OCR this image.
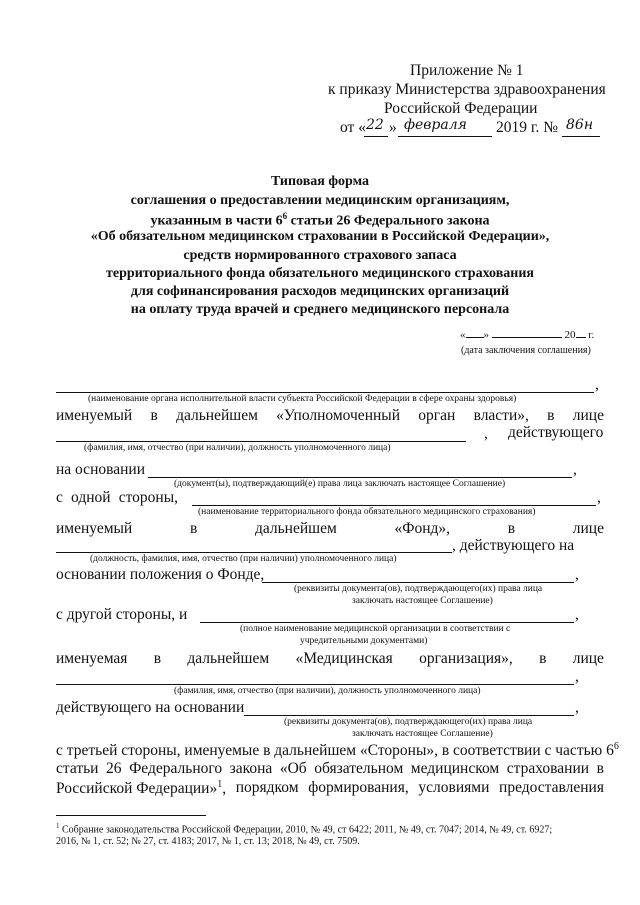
Приложение № 1
к приказу Министерства здравоохранения
Российской Федерации
от « 22 » февраля 2019 г. № 86н
Типовая форма
соглашения о предоставлении медицинским организациям,
указанным в части $6^6$ статьи 26 Федерального закона
«Об обязательном медицинском страховании в Российской Федерации»,
средств нормированного страхового запаса
территориального фонда обязательного медицинского страхования
для софинансирования расходов медицинских организаций
на оплату труда врачей и среднего медицинского персонала
« »	20 г.
(дата заключения соглашения)
,
(наименование органа исполнительной власти субъекта Российской Федерации в сфере охраны здоровья)
именуемый в дальнейшем «Уполномоченный орган власти», в лице
, действующего
(фамилия, имя, отчество (при наличии), должность уполномоченного лица)
на основании	,
(документ(ы), подтверждающий(е) права лица заключать настоящее Соглашение)
с одной стороны,	,
(наименование территориального фонда обязательного медицинского страхования)
именуемый	в	дальнейшем	«Фонд»,	в	лице
, действующего на
(должность, фамилия, имя, отчество (при наличии) уполномоченного лица)
основании положения о Фонде,	,
(реквизиты документа(ов), подтверждающего(их) права лица
заключать настоящее Соглашение)
с другой стороны, и	,
(полное наименование медицинской организации в соответствии с
учредительными документами)
именуемая в дальнейшем «Медицинская организация», в лице
,
(фамилия, имя, отчество (при наличии), должность уполномоченного лица)
действующего на основании	,
(реквизиты документа(ов), подтверждающего(их) права лица
заключать настоящее Соглашение)
с третьей стороны, именуемые в дальнейшем «Стороны», в соответствии с частью $6^6$
статьи 26 Федерального закона «Об обязательном медицинском страховании в
Российской Федерации»$^1$, порядком формирования, условиями предоставления
$^1$ Собрание законодательства Российской Федерации, 2010, № 49, ст 6422; 2011, № 49, ст. 7047; 2014, № 49, ст. 6927;
2016, № 1, ст. 52; № 27, ст. 4183; 2017, № 1, ст. 13; 2018, № 49, ст. 7509.
